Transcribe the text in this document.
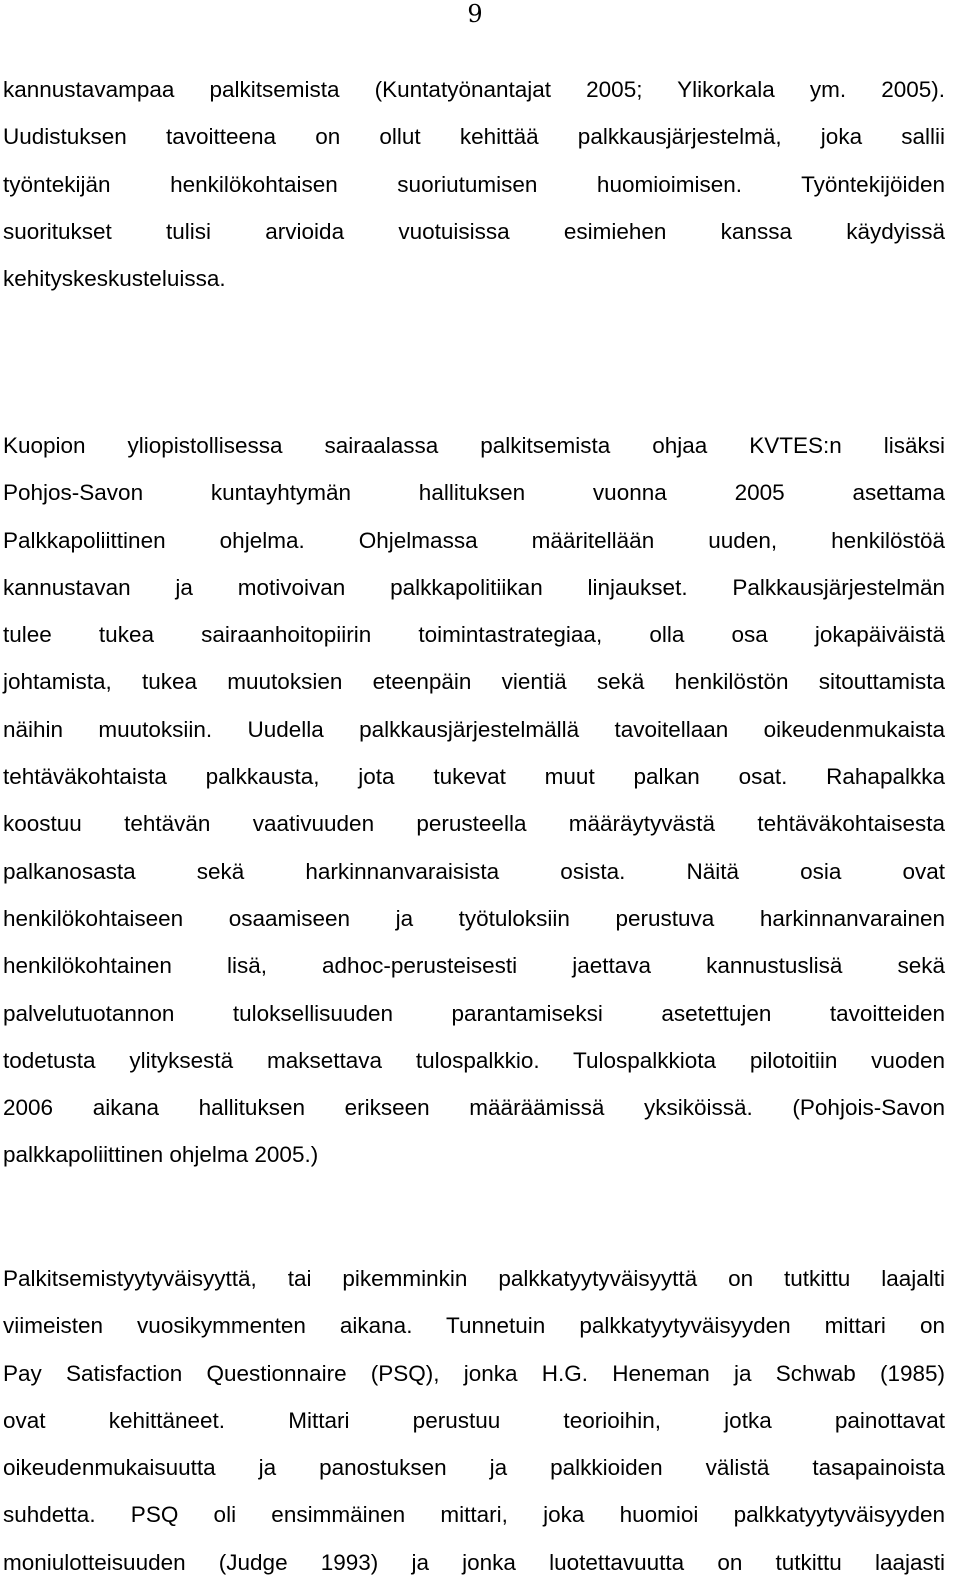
9
kannustavampaa palkitsemista (Kuntatyönantajat 2005; Ylikorkala ym. 2005).
Uudistuksen tavoitteena on ollut kehittää palkkausjärjestelmä, joka sallii
työntekijän henkilökohtaisen suoriutumisen huomioimisen. Työntekijöiden
suoritukset tulisi arvioida vuotuisissa esimiehen kanssa käydyissä
kehityskeskusteluissa.
Kuopion yliopistollisessa sairaalassa palkitsemista ohjaa KVTES:n lisäksi
Pohjos-Savon kuntayhtymän hallituksen vuonna 2005 asettama
Palkkapoliittinen ohjelma. Ohjelmassa määritellään uuden, henkilöstöä
kannustavan ja motivoivan palkkapolitiikan linjaukset. Palkkausjärjestelmän
tulee tukea sairaanhoitopiirin toimintastrategiaa, olla osa jokapäiväistä
johtamista, tukea muutoksien eteenpäin vientiä sekä henkilöstön sitouttamista
näihin muutoksiin. Uudella palkkausjärjestelmällä tavoitellaan oikeudenmukaista
tehtäväkohtaista palkkausta, jota tukevat muut palkan osat. Rahapalkka
koostuu tehtävän vaativuuden perusteella määräytyvästä tehtäväkohtaisesta
palkanosasta sekä harkinnanvaraisista osista. Näitä osia ovat
henkilökohtaiseen osaamiseen ja työtuloksiin perustuva harkinnanvarainen
henkilökohtainen lisä, adhoc-perusteisesti jaettava kannustuslisä sekä
palvelutuotannon tuloksellisuuden parantamiseksi asetettujen tavoitteiden
todetusta ylityksestä maksettava tulospalkkio. Tulospalkkiota pilotoitiin vuoden
2006 aikana hallituksen erikseen määräämissä yksiköissä. (Pohjois-Savon
palkkapoliittinen ohjelma 2005.)
Palkitsemistyytyväisyyttä, tai pikemminkin palkkatyytyväisyyttä on tutkittu laajalti
viimeisten vuosikymmenten aikana. Tunnetuin palkkatyytyväisyyden mittari on
Pay Satisfaction Questionnaire (PSQ), jonka H.G. Heneman ja Schwab (1985)
ovat kehittäneet. Mittari perustuu teorioihin, jotka painottavat
oikeudenmukaisuutta ja panostuksen ja palkkioiden välistä tasapainoista
suhdetta. PSQ oli ensimmäinen mittari, joka huomioi palkkatyytyväisyyden
moniulotteisuuden (Judge 1993) ja jonka luotettavuutta on tutkittu laajasti
